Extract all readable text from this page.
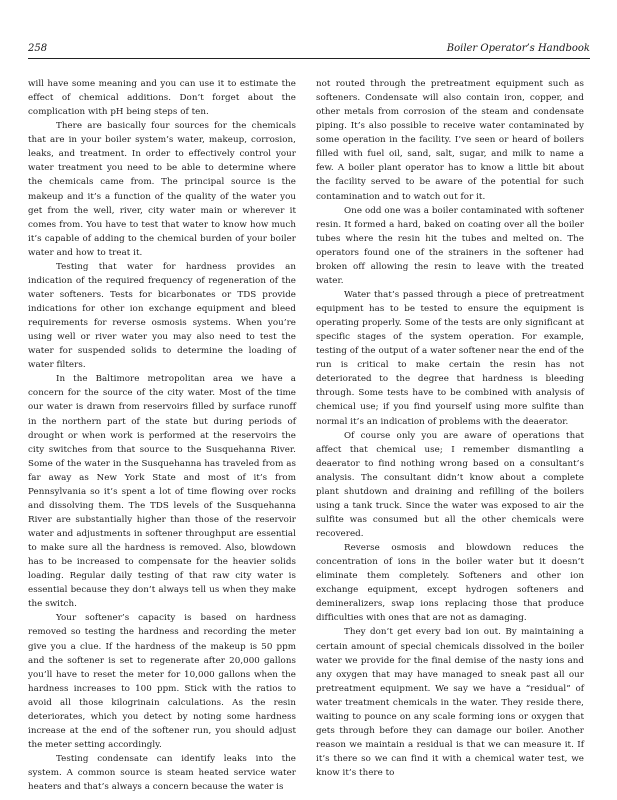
258	Boiler Operator’s Handbook

will have some meaning and you can use it to estimate the effect of chemical additions. Don’t forget about the complication with pH being steps of ten.

There are basically four sources for the chemicals that are in your boiler system’s water, makeup, corrosion, leaks, and treatment. In order to effectively control your water treatment you need to be able to determine where the chemicals came from. The principal source is the makeup and it’s a function of the quality of the water you get from the well, river, city water main or wherever it comes from. You have to test that water to know how much it’s capable of adding to the chemical burden of your boiler water and how to treat it.

Testing that water for hardness provides an indication of the required frequency of regeneration of the water softeners. Tests for bicarbonates or TDS provide indications for other ion exchange equipment and bleed requirements for reverse osmosis systems. When you’re using well or river water you may also need to test the water for suspended solids to determine the loading of water filters.

In the Baltimore metropolitan area we have a concern for the source of the city water. Most of the time our water is drawn from reservoirs filled by surface runoff in the northern part of the state but during periods of drought or when work is performed at the reservoirs the city switches from that source to the Susquehanna River. Some of the water in the Susquehanna has traveled from as far away as New York State and most of it’s from Pennsylvania so it’s spent a lot of time flowing over rocks and dissolving them. The TDS levels of the Susquehanna River are substantially higher than those of the reservoir water and adjustments in softener throughput are essential to make sure all the hardness is removed. Also, blowdown has to be increased to compensate for the heavier solids loading. Regular daily testing of that raw city water is essential because they don’t always tell us when they make the switch.

Your softener’s capacity is based on hardness removed so testing the hardness and recording the meter give you a clue. If the hardness of the makeup is 50 ppm and the softener is set to regenerate after 20,000 gallons you’ll have to reset the meter for 10,000 gallons when the hardness increases to 100 ppm. Stick with the ratios to avoid all those kilogrinain calculations. As the resin deteriorates, which you detect by noting some hardness increase at the end of the softener run, you should adjust the meter setting accordingly.

Testing condensate can identify leaks into the system. A common source is steam heated service water heaters and that’s always a concern because the water is

not routed through the pretreatment equipment such as softeners. Condensate will also contain iron, copper, and other metals from corrosion of the steam and condensate piping. It’s also possible to receive water contaminated by some operation in the facility. I’ve seen or heard of boilers filled with fuel oil, sand, salt, sugar, and milk to name a few. A boiler plant operator has to know a little bit about the facility served to be aware of the potential for such contamination and to watch out for it.

One odd one was a boiler contaminated with softener resin. It formed a hard, baked on coating over all the boiler tubes where the resin hit the tubes and melted on. The operators found one of the strainers in the softener had broken off allowing the resin to leave with the treated water.

Water that’s passed through a piece of pretreatment equipment has to be tested to ensure the equipment is operating properly. Some of the tests are only significant at specific stages of the system operation. For example, testing of the output of a water softener near the end of the run is critical to make certain the resin has not deteriorated to the degree that hardness is bleeding through. Some tests have to be combined with analysis of chemical use; if you find yourself using more sulfite than normal it’s an indication of problems with the deaerator.

Of course only you are aware of operations that affect that chemical use; I remember dismantling a deaerator to find nothing wrong based on a consultant’s analysis. The consultant didn’t know about a complete plant shutdown and draining and refilling of the boilers using a tank truck. Since the water was exposed to air the sulfite was consumed but all the other chemicals were recovered.

Reverse osmosis and blowdown reduces the concentration of ions in the boiler water but it doesn’t eliminate them completely. Softeners and other ion exchange equipment, except hydrogen softeners and demineralizers, swap ions replacing those that produce difficulties with ones that are not as damaging.

They don’t get every bad ion out. By maintaining a certain amount of special chemicals dissolved in the boiler water we provide for the final demise of the nasty ions and any oxygen that may have managed to sneak past all our pretreatment equipment. We say we have a “residual” of water treatment chemicals in the water. They reside there, waiting to pounce on any scale forming ions or oxygen that gets through before they can damage our boiler. Another reason we maintain a residual is that we can measure it. If it’s there so we can find it with a chemical water test, we know it’s there to
